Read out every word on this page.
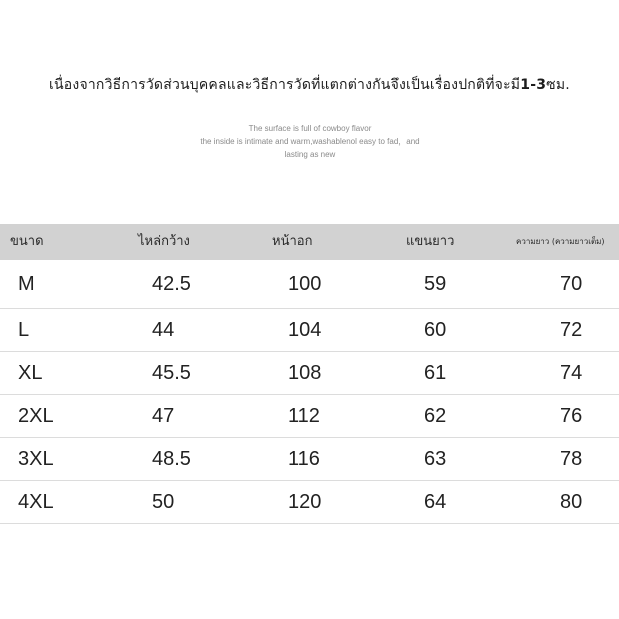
เนื่องจากวิธีการวัดส่วนบุคคลและวิธีการวัดที่แตกต่างกันจึงเป็นเรื่องปกติที่จะมี1-3ซม.
The surface is full of cowboy flavor
the inside is intimate and warm,washablenol easy to fad，and
lasting as new
ขนาด	ไหล่กว้าง	หน้าอก	แขนยาว	ความยาว (ความยาวเต็ม)
M	42.5	100	59	70
L	44	104	60	72
XL	45.5	108	61	74
2XL	47	112	62	76
3XL	48.5	116	63	78
4XL	50	120	64	80
